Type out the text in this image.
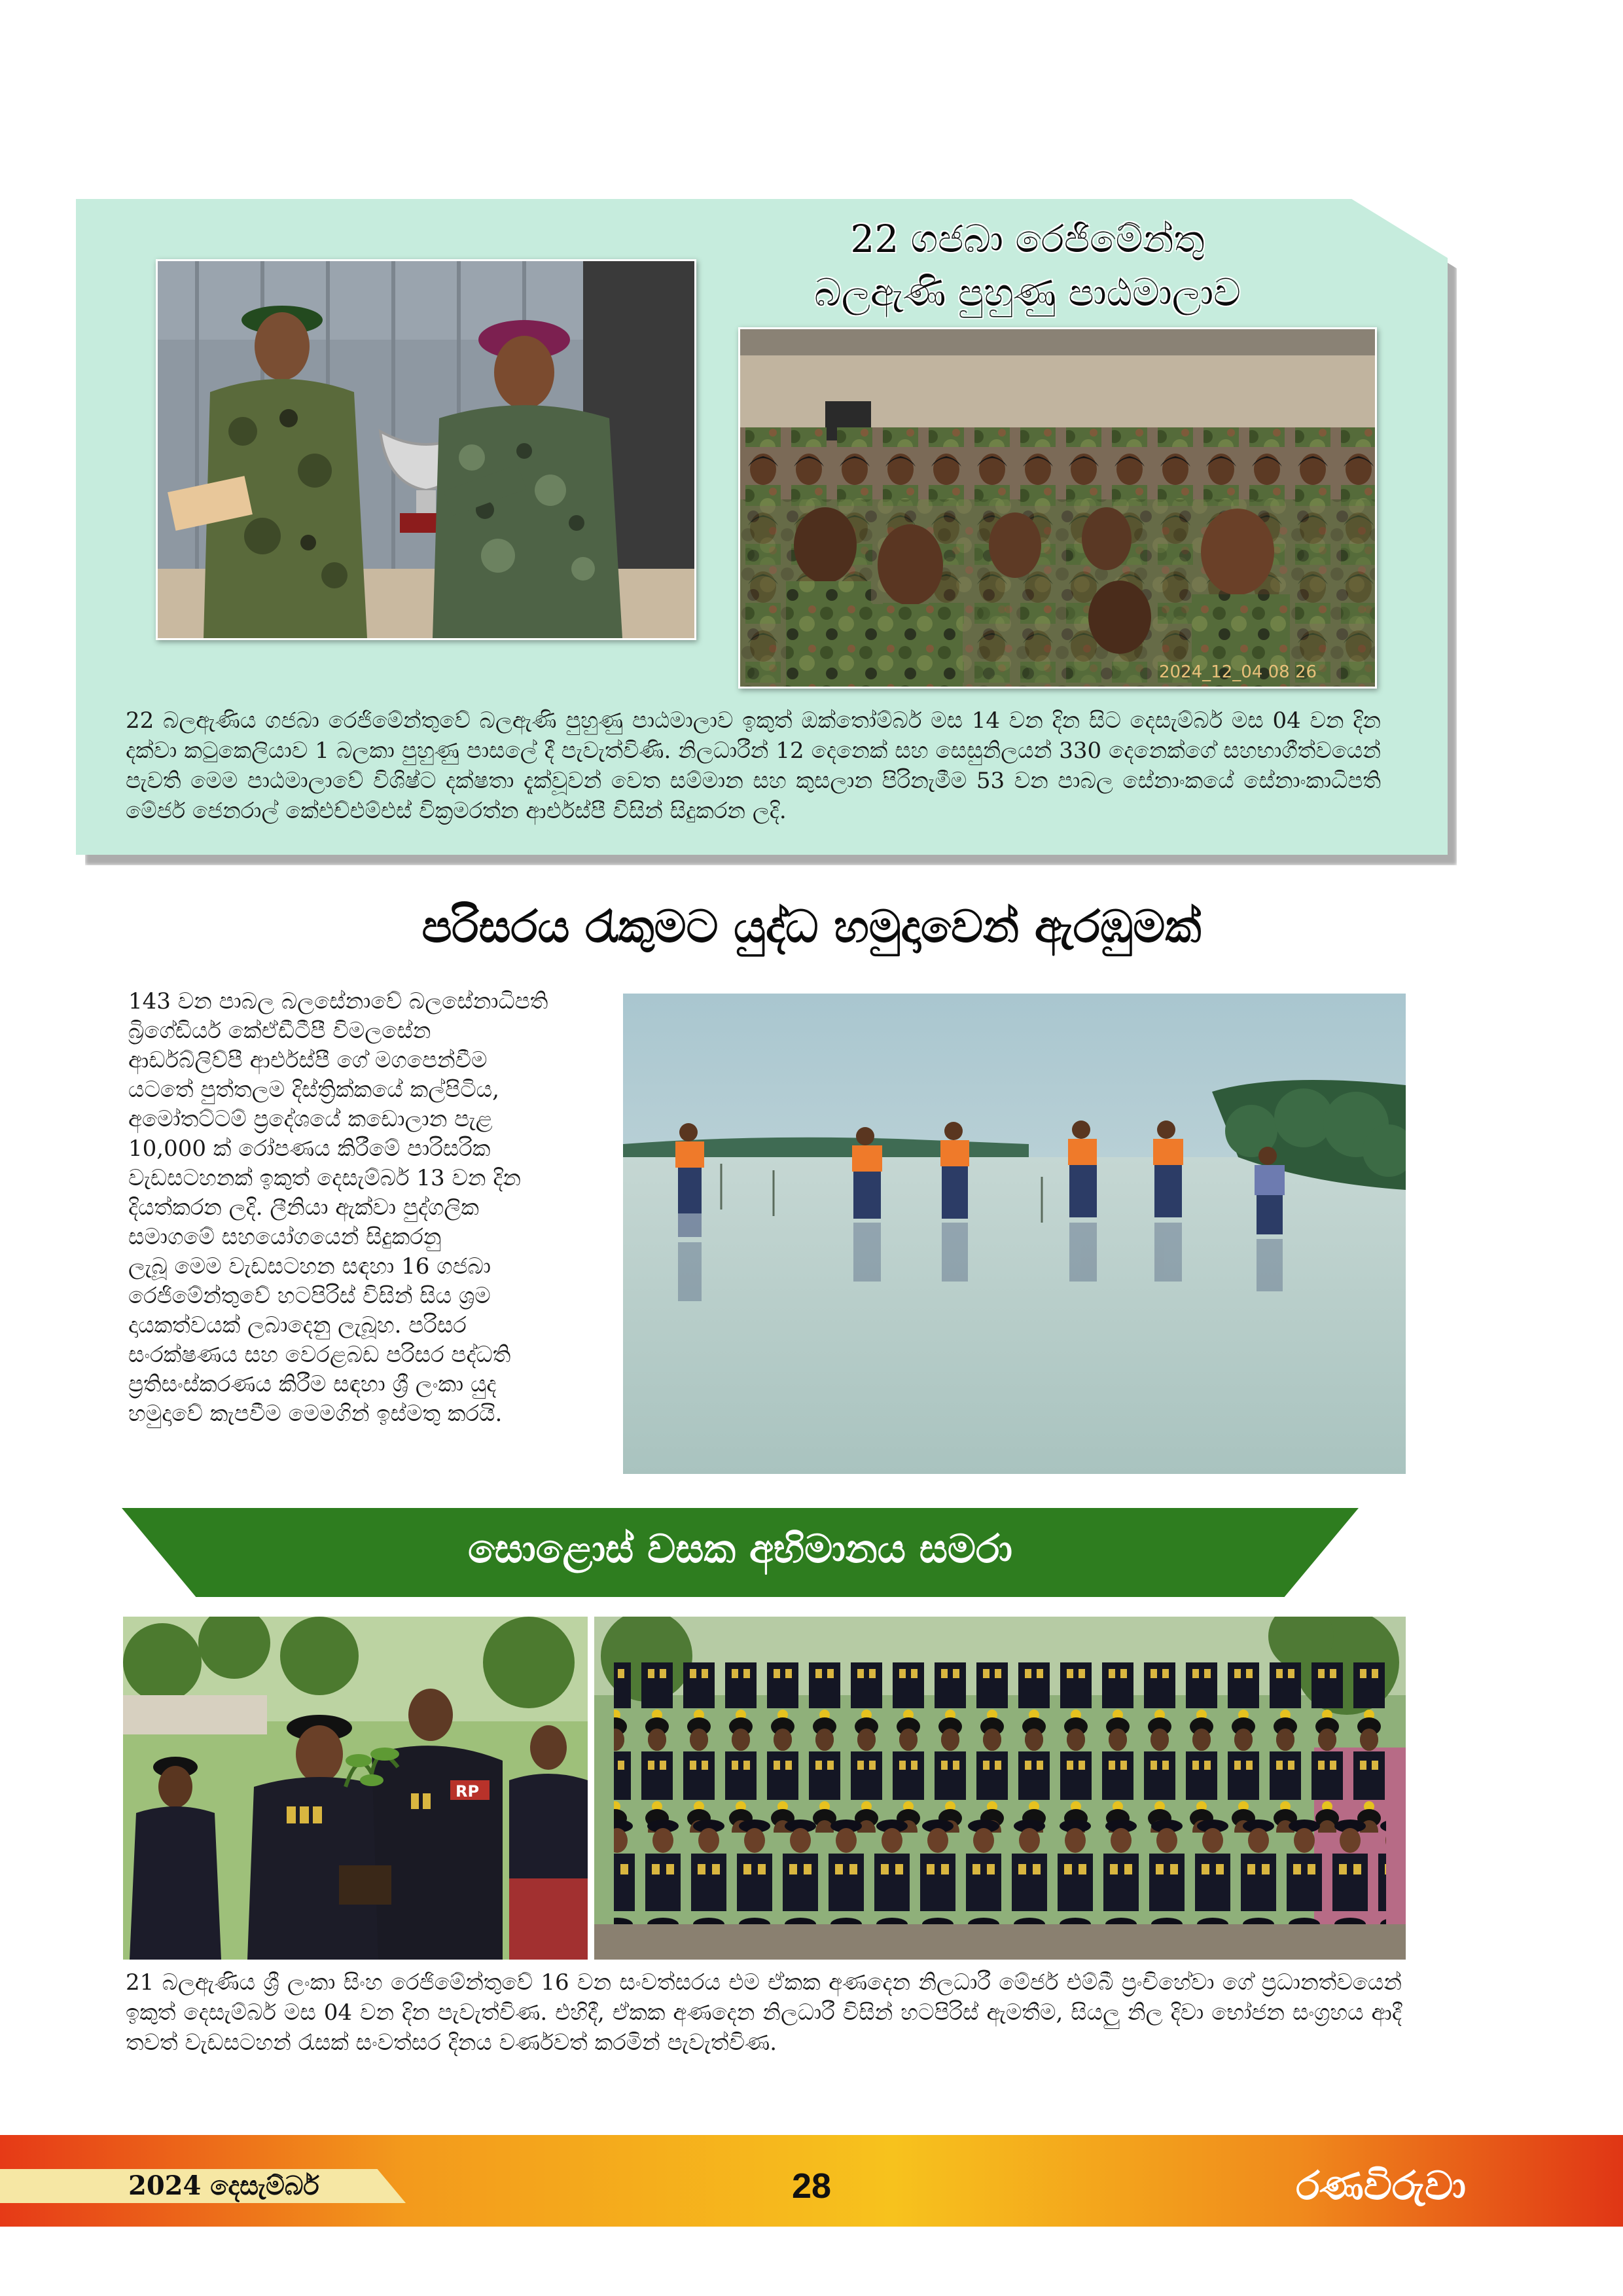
22 ගජබා රෙජිමේන්තු
බලඇණි පුහුණු පාඨමාලාව
2024_12_04 08 26

22 බලඇණිය ගජබා රෙජිමේන්තුවේ බලඇණි පුහුණු පාඨමාලාව ඉකුත් ඔක්තෝම්බර් මස 14 වන දින සිට දෙසැම්බර් මස 04 වන දින දක්වා කටුකෙලියාව 1 බලකා පුහුණු පාසලේ දී පැවැත්විණි. නිලධාරීන් 12 දෙනෙක් සහ සෙසුනිලයන් 330 දෙනෙක්ගේ සහභාගීත්වයෙන් පැවති මෙම පාඨමාලාවේ විශිෂ්ට දක්ෂතා දැක්වූවන් වෙත සම්මාන සහ කුසලාන පිරිනැමීම 53 වන පාබල සේනාංකයේ සේනාංකාධිපති මේජර් ජෙනරාල් කේඑච්එම්එස් වික්‍රමරත්න ආර්එස්පී විසින් සිදුකරන ලදි.

පරිසරය රැකුමට යුද්ධ හමුදාවෙන් ඇරඹුමක්
143 වන පාබල බලසේනාවේ බලසේනාධිපති
බ්‍රිගේඩියර් කේඒඩීටීපී විමලසේන
ආර්ඩබ්ලිව්පී ආර්එස්පී ගේ මගපෙන්වීම
යටතේ පුත්තලම දිස්ත්‍රික්කයේ කල්පිටිය,
අමෝතට්ටම් ප්‍රදේශයේ කඩොලාන පැළ
10,000 ක් රෝපණය කිරීමේ පාරිසරික
වැඩසටහනක් ඉකුත් දෙසැම්බර් 13 වන දින
දියත්කරන ලදි. ලීනියා ඇක්වා පුද්ගලික
සමාගමේ සහයෝගයෙන් සිදුකරනු
ලැබූ මෙම වැඩසටහන සඳහා 16 ගජබා
රෙජිමේන්තුවේ හටපිරිස් විසින් සිය ශ්‍රම
දායකත්වයක් ලබාදෙනු ලැබූහ. පරිසර
සංරක්ෂණය සහ වෙරළබඩ පරිසර පද්ධති
ප්‍රතිසංස්කරණය කිරීම සඳහා ශ්‍රී ලංකා යුද
හමුදාවේ කැපවීම මෙමගින් ඉස්මතු කරයි.
සොළොස් වසක අභිමානය සමරා
RP

21 බලඇණිය ශ්‍රී ලංකා සිංහ රෙජිමේන්තුවේ 16 වන සංවත්සරය එම ඒකක අණදෙන නිලධාරී මේජර් එම්බී ප්‍රංචිහේවා ගේ ප්‍රධානත්වයෙන් ඉකුත් දෙසැම්බර් මස 04 වන දින පැවැත්විණ. එහිදී, ඒකක අණදෙන නිලධාරී විසින් හටපිරිස් ඇමතීම, සියලු නිල දිවා භෝජන සංග්‍රහය ආදී තවත් වැඩසටහන් රැසක් සංවත්සර දිනය වර්ණවත් කරමින් පැවැත්විණ.

2024 දෙසැම්බර්	28	රණවිරුවා
